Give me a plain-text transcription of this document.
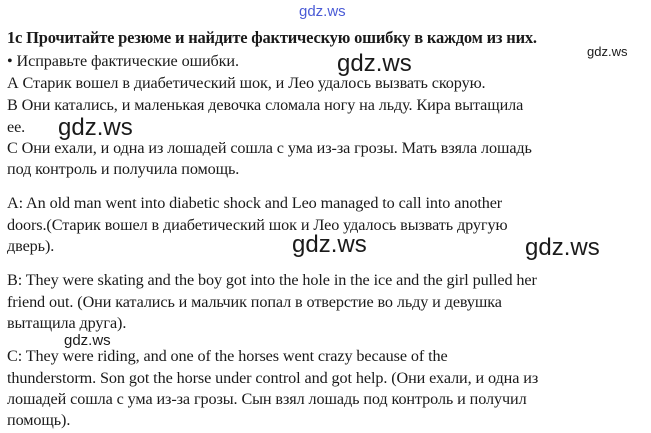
gdz.ws
1с Прочитайте резюме и найдите фактическую ошибку в каждом из них.
gdz.ws
• Исправьте фактические ошибки.	gdz.ws
А Старик вошел в диабетический шок, и Лео удалось вызвать скорую.
В Они катались, и маленькая девочка сломала ногу на льду. Кира вытащила
ее. gdz.ws
С Они ехали, и одна из лошадей сошла с ума из-за грозы. Мать взяла лошадь
под контроль и получила помощь.
A: An old man went into diabetic shock and Leo managed to call into another
doors.(Старик вошел в диабетический шок и Лео удалось вызвать другую
дверь).	gdz.ws	gdz.ws
B: They were skating and the boy got into the hole in the ice and the girl pulled her
friend out. (Они катались и мальчик попал в отверстие во льду и девушка
вытащила друга).
gdz.ws
C: They were riding, and one of the horses went crazy because of the
thunderstorm. Son got the horse under control and got help. (Они ехали, и одна из
лошадей сошла с ума из-за грозы. Сын взял лошадь под контроль и получил
помощь).
